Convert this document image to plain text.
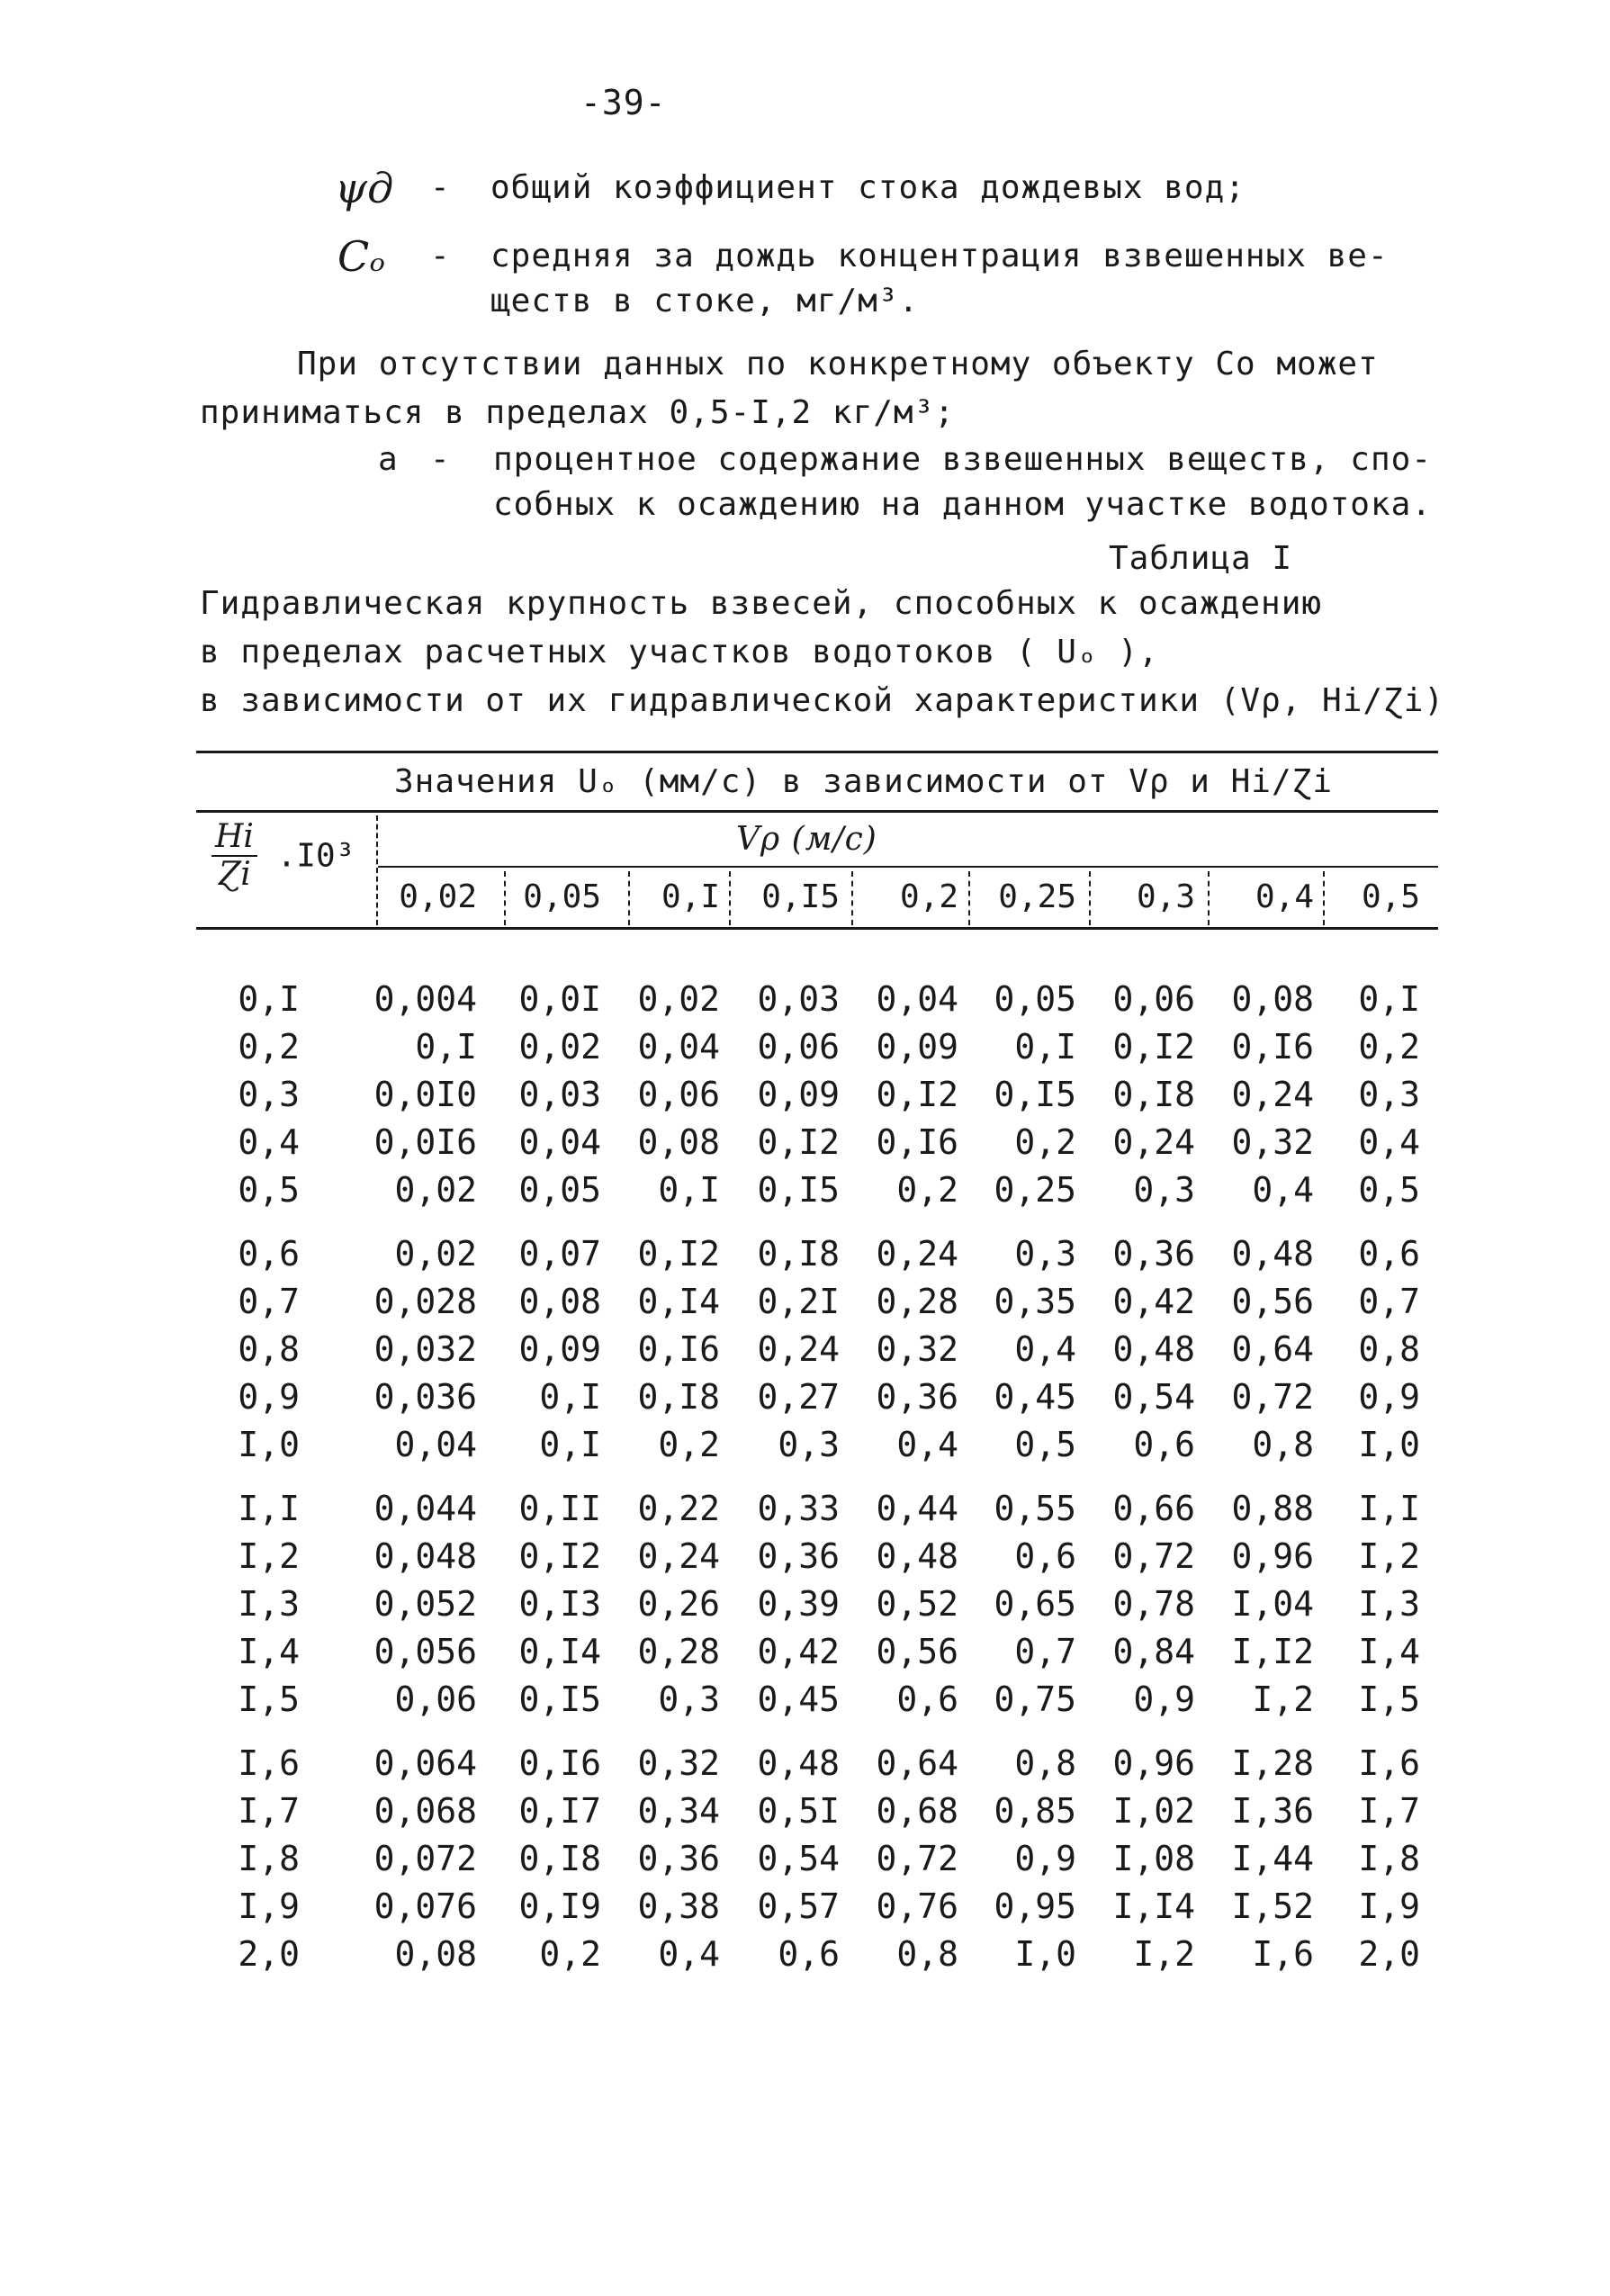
-39-
ψд - общий коэффициент стока дождевых вод;
Cₒ - средняя за дождь концентрация взвешенных ве-
ществ в стоке, мг/м³.
При отсутствии данных по конкретному объекту Co может
приниматься в пределах 0,5-I,2 кг/м³;
a - процентное содержание взвешенных веществ, спо-
собных к осаждению на данном участке водотока.
Таблица I
Гидравлическая крупность взвесей, способных к осаждению
в пределах расчетных участков водотоков ( Uₒ ),
в зависимости от их гидравлической характеристики (Vρ, Hi/Ɀi)
Значения Uₒ (мм/с) в зависимости от Vρ и Hi/Ɀi
$\frac{Hi}{\text{Ɀi}} .I0^3$	Vρ (м/с)
0,02	0,05	0,I	0,I5	0,2	0,25	0,3	0,4	0,5
0,I	0,004	0,0I	0,02	0,03	0,04	0,05	0,06	0,08	0,I
0,2	0,I	0,02	0,04	0,06	0,09	0,I	0,I2	0,I6	0,2
0,3	0,0I0	0,03	0,06	0,09	0,I2	0,I5	0,I8	0,24	0,3
0,4	0,0I6	0,04	0,08	0,I2	0,I6	0,2	0,24	0,32	0,4
0,5	0,02	0,05	0,I	0,I5	0,2	0,25	0,3	0,4	0,5
0,6	0,02	0,07	0,I2	0,I8	0,24	0,3	0,36	0,48	0,6
0,7	0,028	0,08	0,I4	0,2I	0,28	0,35	0,42	0,56	0,7
0,8	0,032	0,09	0,I6	0,24	0,32	0,4	0,48	0,64	0,8
0,9	0,036	0,I	0,I8	0,27	0,36	0,45	0,54	0,72	0,9
I,0	0,04	0,I	0,2	0,3	0,4	0,5	0,6	0,8	I,0
I,I	0,044	0,II	0,22	0,33	0,44	0,55	0,66	0,88	I,I
I,2	0,048	0,I2	0,24	0,36	0,48	0,6	0,72	0,96	I,2
I,3	0,052	0,I3	0,26	0,39	0,52	0,65	0,78	I,04	I,3
I,4	0,056	0,I4	0,28	0,42	0,56	0,7	0,84	I,I2	I,4
I,5	0,06	0,I5	0,3	0,45	0,6	0,75	0,9	I,2	I,5
I,6	0,064	0,I6	0,32	0,48	0,64	0,8	0,96	I,28	I,6
I,7	0,068	0,I7	0,34	0,5I	0,68	0,85	I,02	I,36	I,7
I,8	0,072	0,I8	0,36	0,54	0,72	0,9	I,08	I,44	I,8
I,9	0,076	0,I9	0,38	0,57	0,76	0,95	I,I4	I,52	I,9
2,0	0,08	0,2	0,4	0,6	0,8	I,0	I,2	I,6	2,0
